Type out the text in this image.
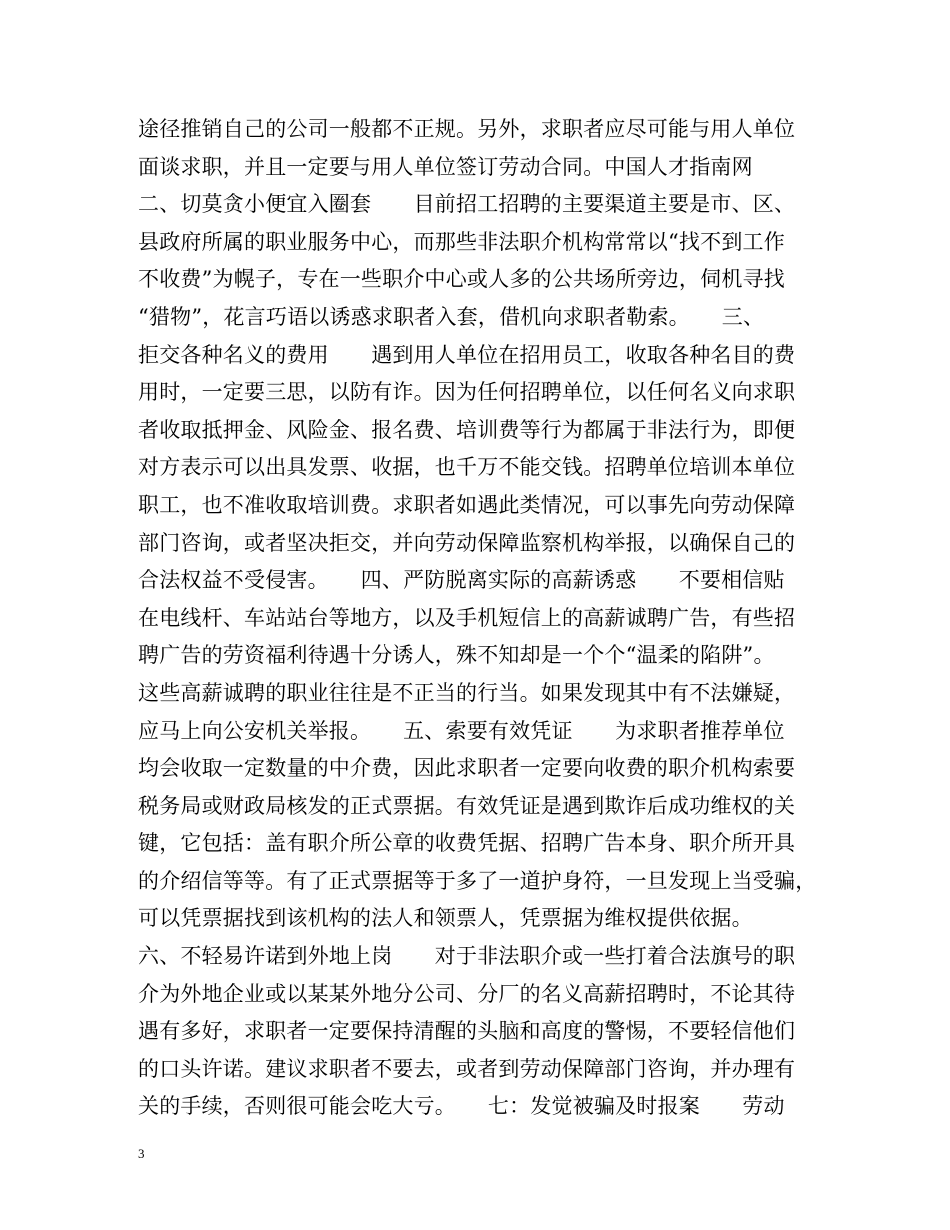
途径推销自己的公司一般都不正规。另外，求职者应尽可能与用人单位
面谈求职，并且一定要与用人单位签订劳动合同。中国人才指南网
二、切莫贪小便宜入圈套　　目前招工招聘的主要渠道主要是市、区、
县政府所属的职业服务中心，而那些非法职介机构常常以“找不到工作
不收费”为幌子，专在一些职介中心或人多的公共场所旁边，伺机寻找
“猎物”，花言巧语以诱惑求职者入套，借机向求职者勒索。　　三、
拒交各种名义的费用　　遇到用人单位在招用员工，收取各种名目的费
用时，一定要三思，以防有诈。因为任何招聘单位，以任何名义向求职
者收取抵押金、风险金、报名费、培训费等行为都属于非法行为，即便
对方表示可以出具发票、收据，也千万不能交钱。招聘单位培训本单位
职工，也不准收取培训费。求职者如遇此类情况，可以事先向劳动保障
部门咨询，或者坚决拒交，并向劳动保障监察机构举报，以确保自己的
合法权益不受侵害。　　四、严防脱离实际的高薪诱惑　　不要相信贴
在电线杆、车站站台等地方，以及手机短信上的高薪诚聘广告，有些招
聘广告的劳资福利待遇十分诱人，殊不知却是一个个“温柔的陷阱”。
这些高薪诚聘的职业往往是不正当的行当。如果发现其中有不法嫌疑，
应马上向公安机关举报。　　五、索要有效凭证　　为求职者推荐单位
均会收取一定数量的中介费，因此求职者一定要向收费的职介机构索要
税务局或财政局核发的正式票据。有效凭证是遇到欺诈后成功维权的关
键，它包括：盖有职介所公章的收费凭据、招聘广告本身、职介所开具
的介绍信等等。有了正式票据等于多了一道护身符，一旦发现上当受骗，
可以凭票据找到该机构的法人和领票人，凭票据为维权提供依据。
六、不轻易许诺到外地上岗　　对于非法职介或一些打着合法旗号的职
介为外地企业或以某某外地分公司、分厂的名义高薪招聘时，不论其待
遇有多好，求职者一定要保持清醒的头脑和高度的警惕，不要轻信他们
的口头许诺。建议求职者不要去，或者到劳动保障部门咨询，并办理有
关的手续，否则很可能会吃大亏。　　七：发觉被骗及时报案　　劳动
3
